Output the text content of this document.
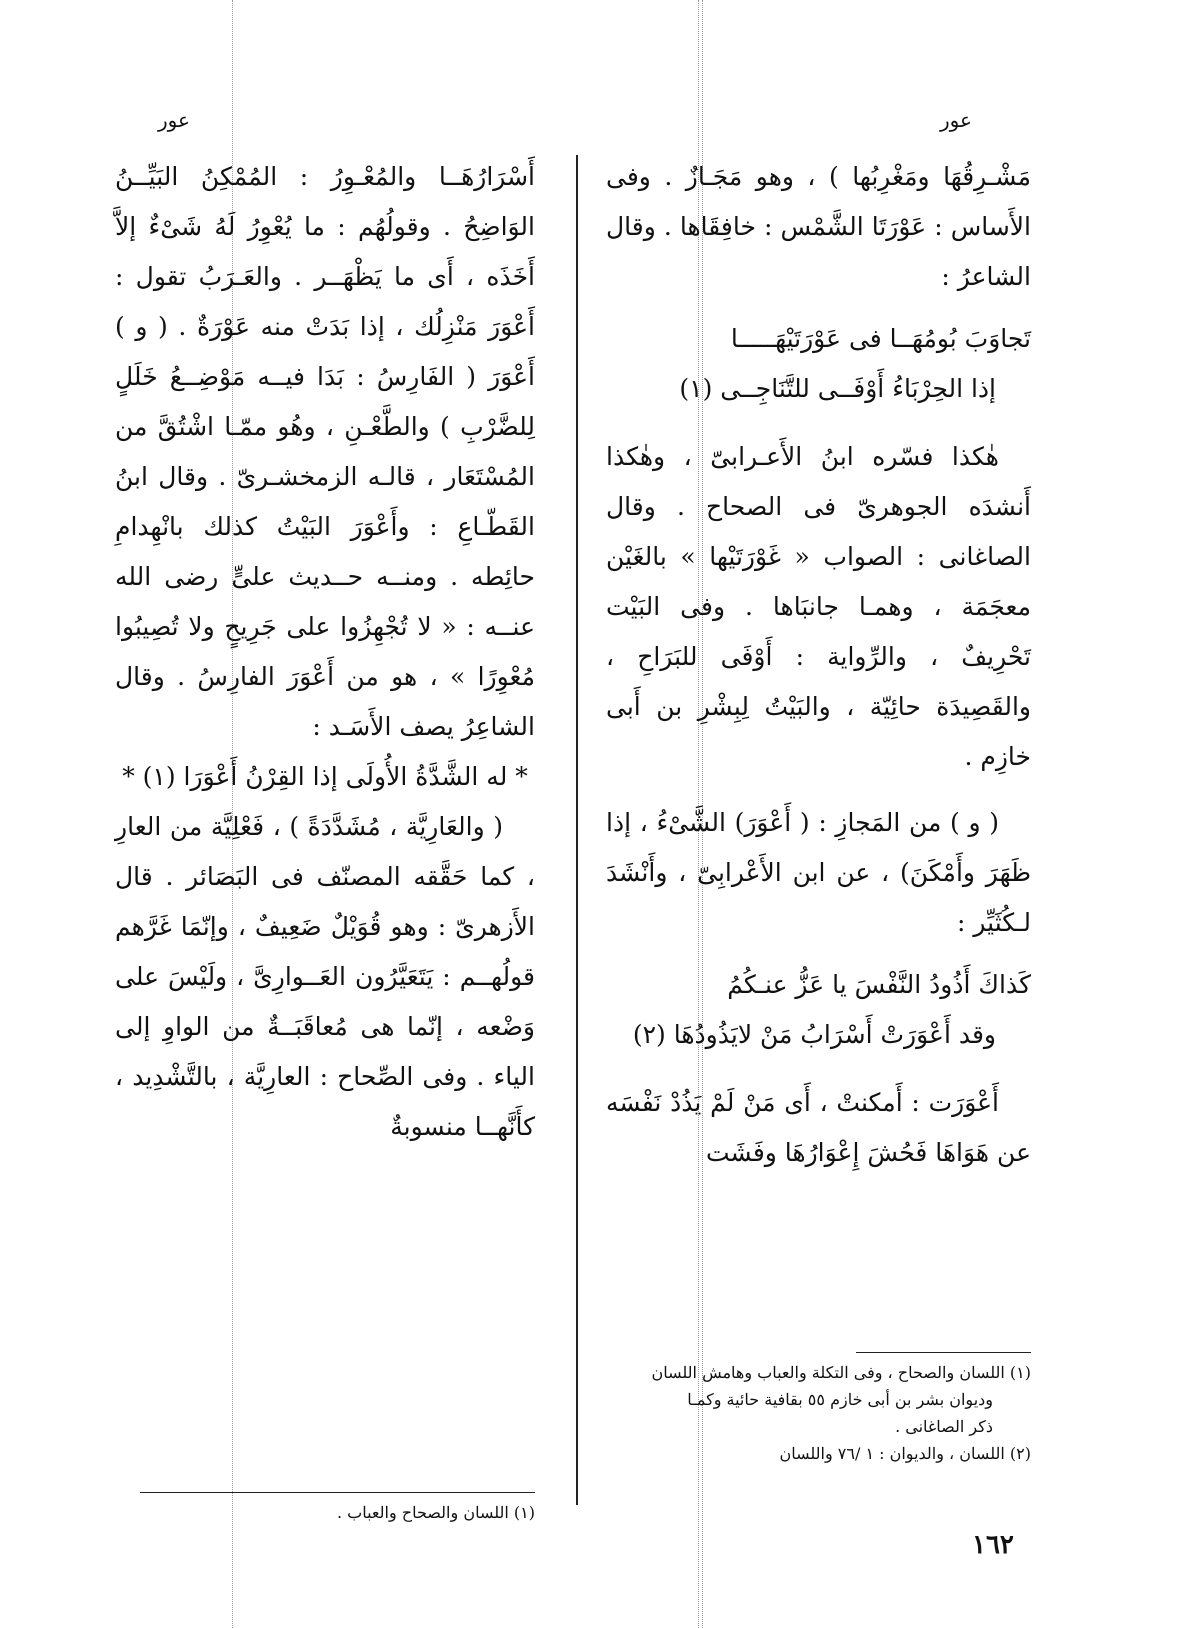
عور
عور

مَشْـرِقُهَا ومَغْرِبُها ) ، وهو مَجَـازٌ . وفى الأَساس : عَوْرَتَا الشَّمْس : خافِقَاها . وقال الشاعرُ :

تَجاوَبَ بُومُهَــا فى عَوْرَتَيْهَـــــا
إذا الحِرْبَاءُ أَوْفَــى للتَّنَاجِــى (١)

هٰكذا فسّره ابنُ الأَعـرابىّ ، وهٰكذا أَنشدَه الجوهرىّ فى الصحاح . وقال الصاغانى : الصواب « غَوْرَتَيْها » بالغَيْن معجَمَة ، وهمـا جانبَاها . وفى البَيْت تَحْرِيفٌ ، والرِّواية : أَوْفَى للبَرَاحِ ، والقَصِيدَة حائِيّة ، والبَيْتُ لِبِشْرِ بن أَبى خازِم .

( و ) من المَجازِ : ( أَعْوَرَ) الشَّىْءُ ، إذا ظَهَرَ وأَمْكَنَ) ، عن ابن الأَعْرابِىّ ، وأَنْشَدَ لـكُثَيِّر :

كَذاكَ أَذُودُ النَّفْسَ يا عَزُّ عنـكُمُ
وقد أَعْوَرَتْ أَسْرَابُ مَنْ لايَذُودُهَا (٢)

أَعْوَرَت : أَمكنتْ ، أَى مَنْ لَمْ يَذُدْ نَفْسَه عن هَوَاهَا فَحُشَ إِعْوَارُهَا وفَشَت

(١) اللسان والصحاح ، وفى التكلة والعباب وهامش اللسان
وديوان بشر بن أبى خازم ٥٥ بقافية حائية وكمـا
ذكر الصاغانى .
(٢) اللسان ، والديوان : ١ /٧٦ واللسان

أَسْرَارُهَــا والمُعْـوِرُ : المُمْكِنُ البَيِّــنُ الوَاضِحُ . وقولُهُم : ما يُعْوِرُ لَهُ شَىْءٌ إلاَّ أَخَذَه ، أَى ما يَظْهَــر . والعَـرَبُ تقول : أَعْوَرَ مَنْزِلُك ، إذا بَدَتْ منه عَوْرَةٌ . ( و ) أَعْوَرَ ( الفَارِسُ : بَدَا فيــه مَوْضِــعُ خَلَلٍ لِلضَّرْبِ ) والطَّعْـنِ ، وهُو ممّـا اشْتُقَّ من المُسْتَعَار ، قالـه الزمخشـرىّ . وقال ابنُ القَطّـاعِ : وأَعْوَرَ البَيْتُ كذلك بانْهِدامِ حائِطه . ومنــه حــديث علىٍّ رضى الله عنــه : « لا تُجْهِزُوا على جَرِيحٍ ولا تُصِيبُوا مُعْوِرًا » ، هو من أَعْوَرَ الفارِسُ . وقال الشاعِرُ يصف الأَسَـد :

* له الشَّدَّةُ الأُولَى إذا القِرْنُ أَعْوَرَا (١) *

( والعَارِيَّة ، مُشَدَّدَةً ) ، فَعْلِيَّة من العارِ ، كما حَقَّقه المصنّف فى البَصَائر . قال الأَزهرىّ : وهو قُوَيْلٌ ضَعِيفٌ ، وإنّمَا غَرَّهم قولُهــم : يَتَعَيَّرُون العَــوارِىَّ ، ولَيْسَ على وَضْعه ، إنّما هى مُعاقَبَــةٌ من الواوِ إلى الياء . وفى الصِّحاح : العارِيَّة ، بالتَّشْدِيد ، كأَنَّهــا منسوبةٌ

(١) اللسان والصحاح والعباب .
١٦٢
